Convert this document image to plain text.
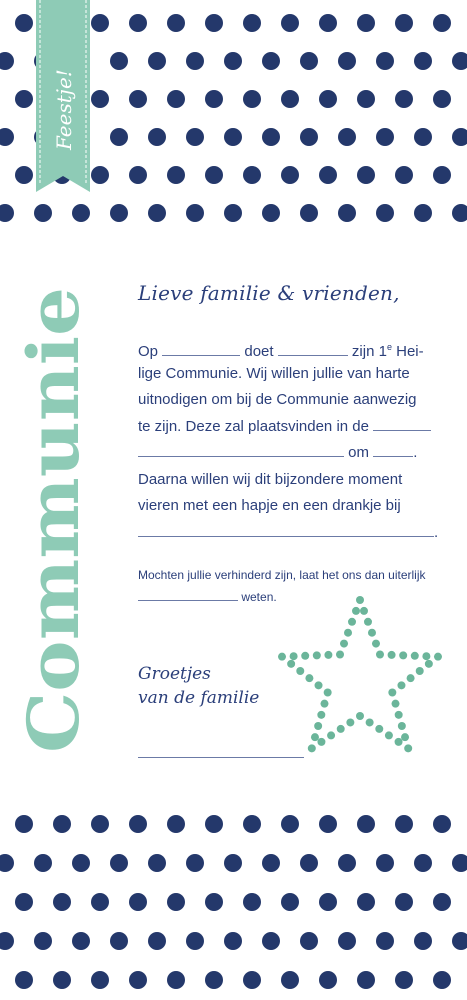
Feestje!
Communie
Lieve familie & vrienden,
Op	doet	zijn 1e Hei-
lige Communie. Wij willen jullie van harte
uitnodigen om bij de Communie aanwezig
te zijn. Deze zal plaatsvinden in de
om	.
Daarna willen wij dit bijzondere moment
vieren met een hapje en een drankje bij
.
Mochten jullie verhinderd zijn, laat het ons dan uiterlijk
weten.
Groetjes
van de familie
